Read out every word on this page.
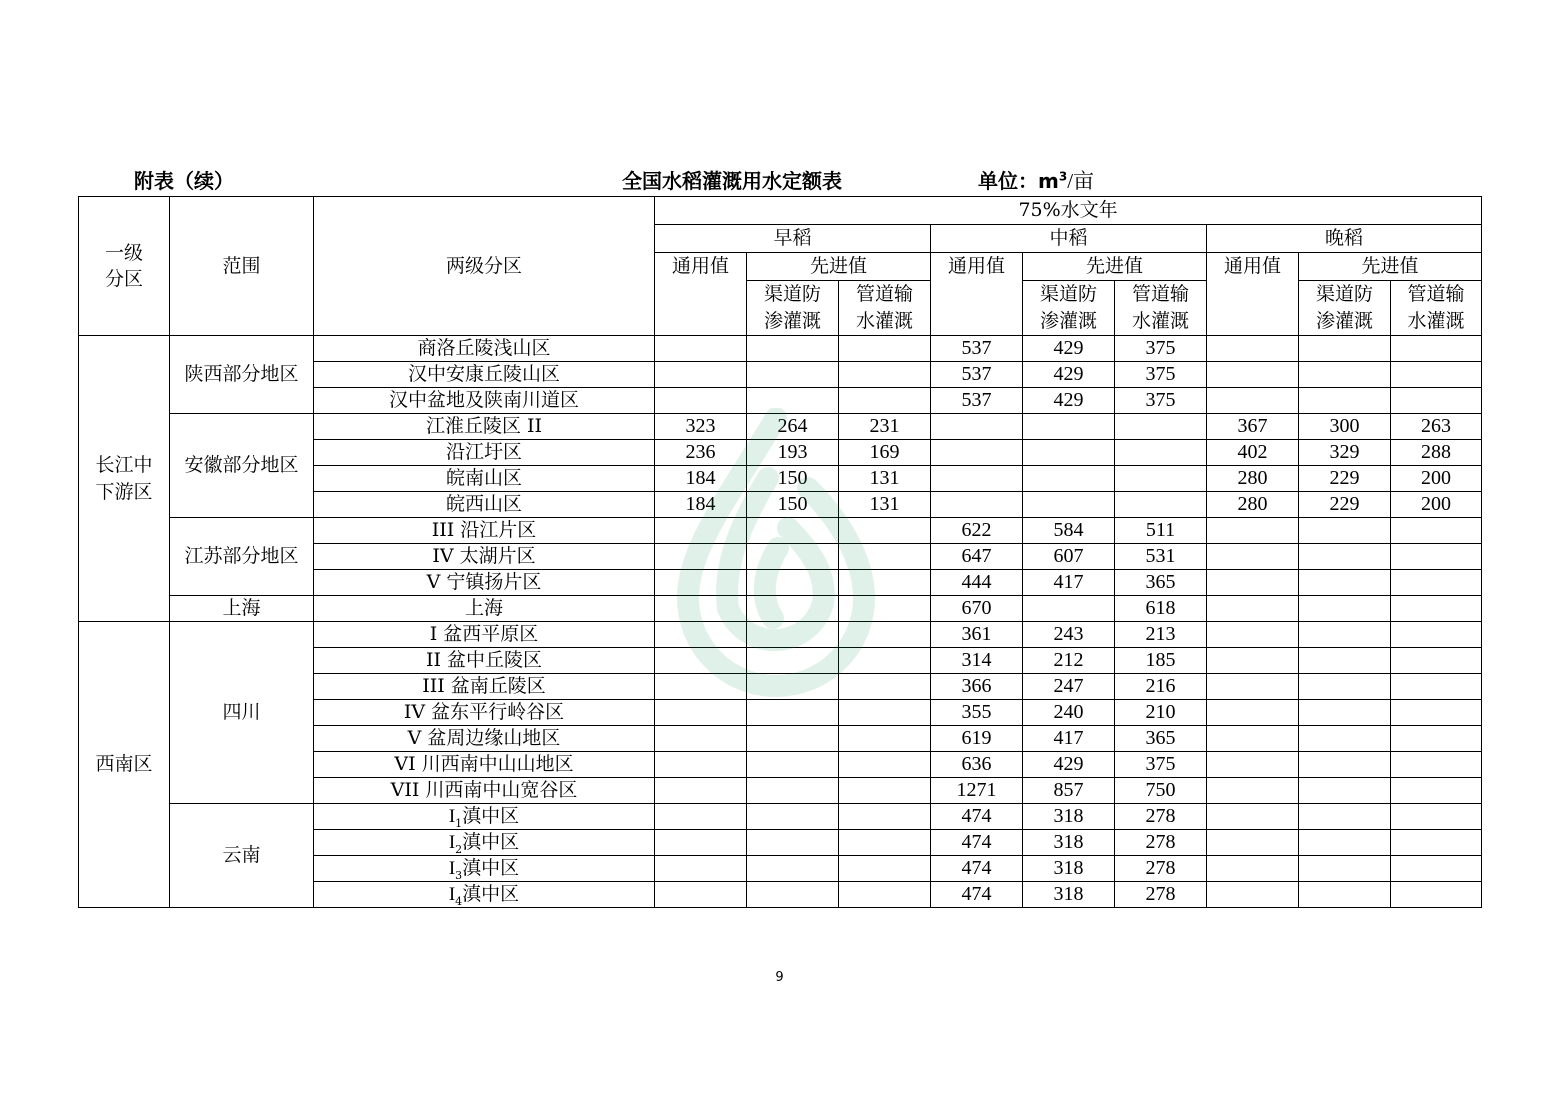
附表（续）	全国水稻灌溉用水定额表	单位：$m^3/$亩
一级分区	范围	两级分区	75%水文年								
			早稻			中稻			晚稻		
			通用值	先进值		通用值	先进值		通用值	先进值	

				渠道防渗灌溉	管道输水灌溉		渠道防渗灌溉	管道输水灌溉		渠道防渗灌溉	管道输水灌溉

长江中下游区	陕西部分地区	商洛丘陵浅山区				537	429	375			
		汉中安康丘陵山区				537	429	375			
		汉中盆地及陕南川道区				537	429	375			
	安徽部分地区	江淮丘陵区 II	323	264	231				367	300	263
		沿江圩区	236	193	169				402	329	288
		皖南山区	184	150	131				280	229	200
		皖西山区	184	150	131				280	229	200
	江苏部分地区	III 沿江片区				622	584	511			
		IV 太湖片区				647	607	531			
		V 宁镇扬片区				444	417	365			
	上海	上海				670		618			

西南区	四川	I 盆西平原区				361	243	213			
		II 盆中丘陵区				314	212	185			
		III 盆南丘陵区				366	247	216			
		IV 盆东平行岭谷区				355	240	210			
		V 盆周边缘山地区				619	417	365			
		VI 川西南中山山地区				636	429	375			
		VII 川西南中山宽谷区				1271	857	750			
	云南	$I_1$滇中区				474	318	278			
		$I_2$滇中区				474	318	278			
		$I_3$滇中区				474	318	278			
		$I_4$滇中区				474	318	278			
9
